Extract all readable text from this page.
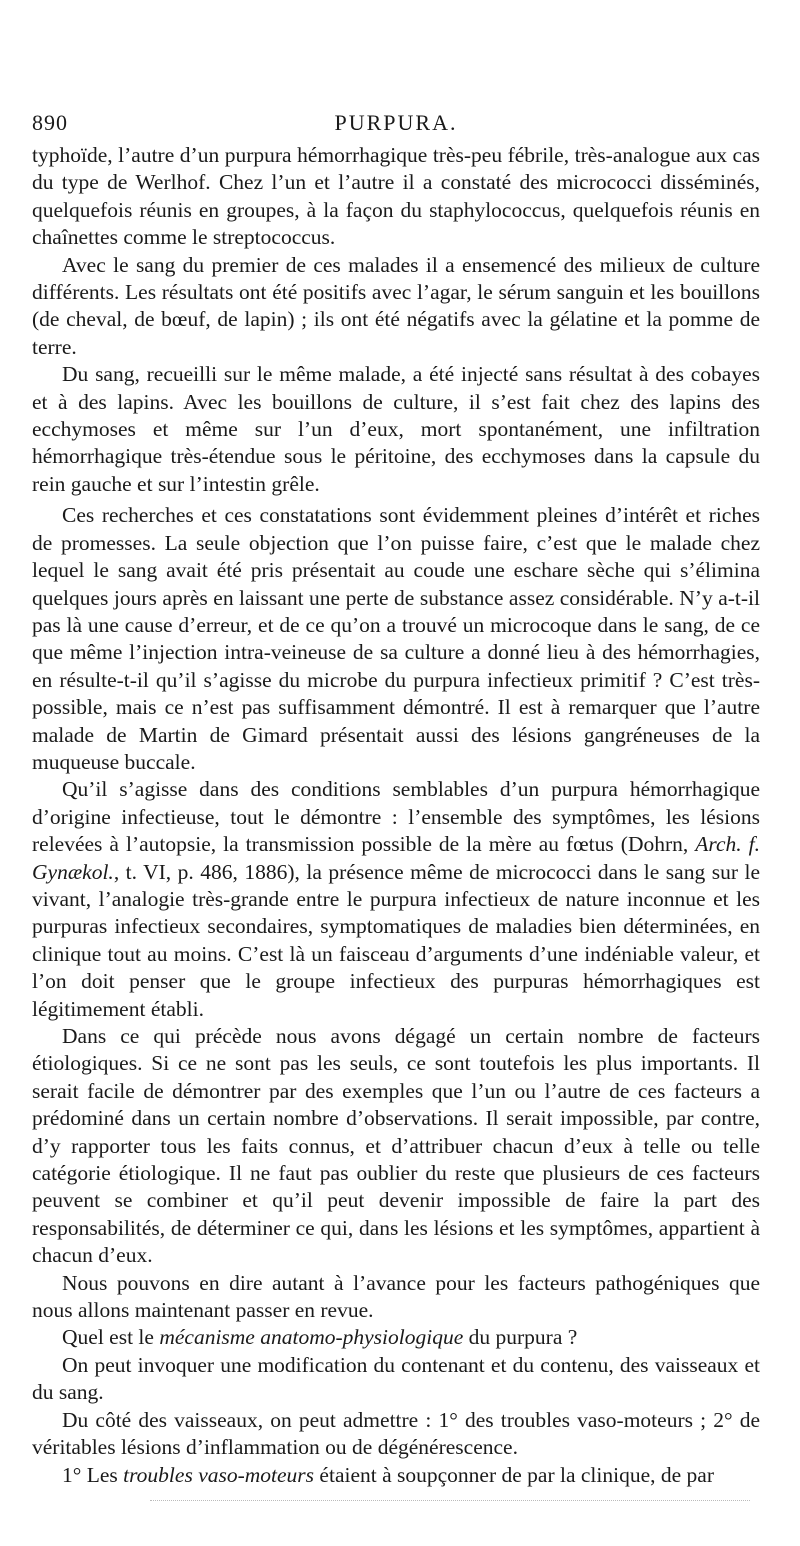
890	PURPURA.

typhoïde, l’autre d’un purpura hémorrhagique très-peu fébrile, très-analogue aux cas du type de Werlhof. Chez l’un et l’autre il a constaté des micrococci disséminés, quelquefois réunis en groupes, à la façon du staphylococcus, quelquefois réunis en chaînettes comme le streptococcus.

Avec le sang du premier de ces malades il a ensemencé des milieux de culture différents. Les résultats ont été positifs avec l’agar, le sérum sanguin et les bouillons (de cheval, de bœuf, de lapin) ; ils ont été négatifs avec la gélatine et la pomme de terre.

Du sang, recueilli sur le même malade, a été injecté sans résultat à des cobayes et à des lapins. Avec les bouillons de culture, il s’est fait chez des lapins des ecchymoses et même sur l’un d’eux, mort spontanément, une infiltration hémorrhagique très-étendue sous le péritoine, des ecchymoses dans la capsule du rein gauche et sur l’intestin grêle.

Ces recherches et ces constatations sont évidemment pleines d’intérêt et riches de promesses. La seule objection que l’on puisse faire, c’est que le malade chez lequel le sang avait été pris présentait au coude une eschare sèche qui s’élimina quelques jours après en laissant une perte de substance assez considérable. N’y a-t-il pas là une cause d’erreur, et de ce qu’on a trouvé un microcoque dans le sang, de ce que même l’injection intra-veineuse de sa culture a donné lieu à des hémorrhagies, en résulte-t-il qu’il s’agisse du microbe du purpura infectieux primitif ? C’est très-possible, mais ce n’est pas suffisamment démontré. Il est à remarquer que l’autre malade de Martin de Gimard présentait aussi des lésions gangréneuses de la muqueuse buccale.

Qu’il s’agisse dans des conditions semblables d’un purpura hémorrhagique d’origine infectieuse, tout le démontre : l’ensemble des symptômes, les lésions relevées à l’autopsie, la transmission possible de la mère au fœtus (Dohrn, Arch. f. Gynækol., t. VI, p. 486, 1886), la présence même de micrococci dans le sang sur le vivant, l’analogie très-grande entre le purpura infectieux de nature inconnue et les purpuras infectieux secondaires, symptomatiques de maladies bien déterminées, en clinique tout au moins. C’est là un faisceau d’arguments d’une indéniable valeur, et l’on doit penser que le groupe infectieux des purpuras hémorrhagiques est légitimement établi.

Dans ce qui précède nous avons dégagé un certain nombre de facteurs étiologiques. Si ce ne sont pas les seuls, ce sont toutefois les plus importants. Il serait facile de démontrer par des exemples que l’un ou l’autre de ces facteurs a prédominé dans un certain nombre d’observations. Il serait impossible, par contre, d’y rapporter tous les faits connus, et d’attribuer chacun d’eux à telle ou telle catégorie étiologique. Il ne faut pas oublier du reste que plusieurs de ces facteurs peuvent se combiner et qu’il peut devenir impossible de faire la part des responsabilités, de déterminer ce qui, dans les lésions et les symptômes, appartient à chacun d’eux.

Nous pouvons en dire autant à l’avance pour les facteurs pathogéniques que nous allons maintenant passer en revue.

Quel est le mécanisme anatomo-physiologique du purpura ?

On peut invoquer une modification du contenant et du contenu, des vaisseaux et du sang.

Du côté des vaisseaux, on peut admettre : 1° des troubles vaso-moteurs ; 2° de véritables lésions d’inflammation ou de dégénérescence.

1° Les troubles vaso-moteurs étaient à soupçonner de par la clinique, de par
